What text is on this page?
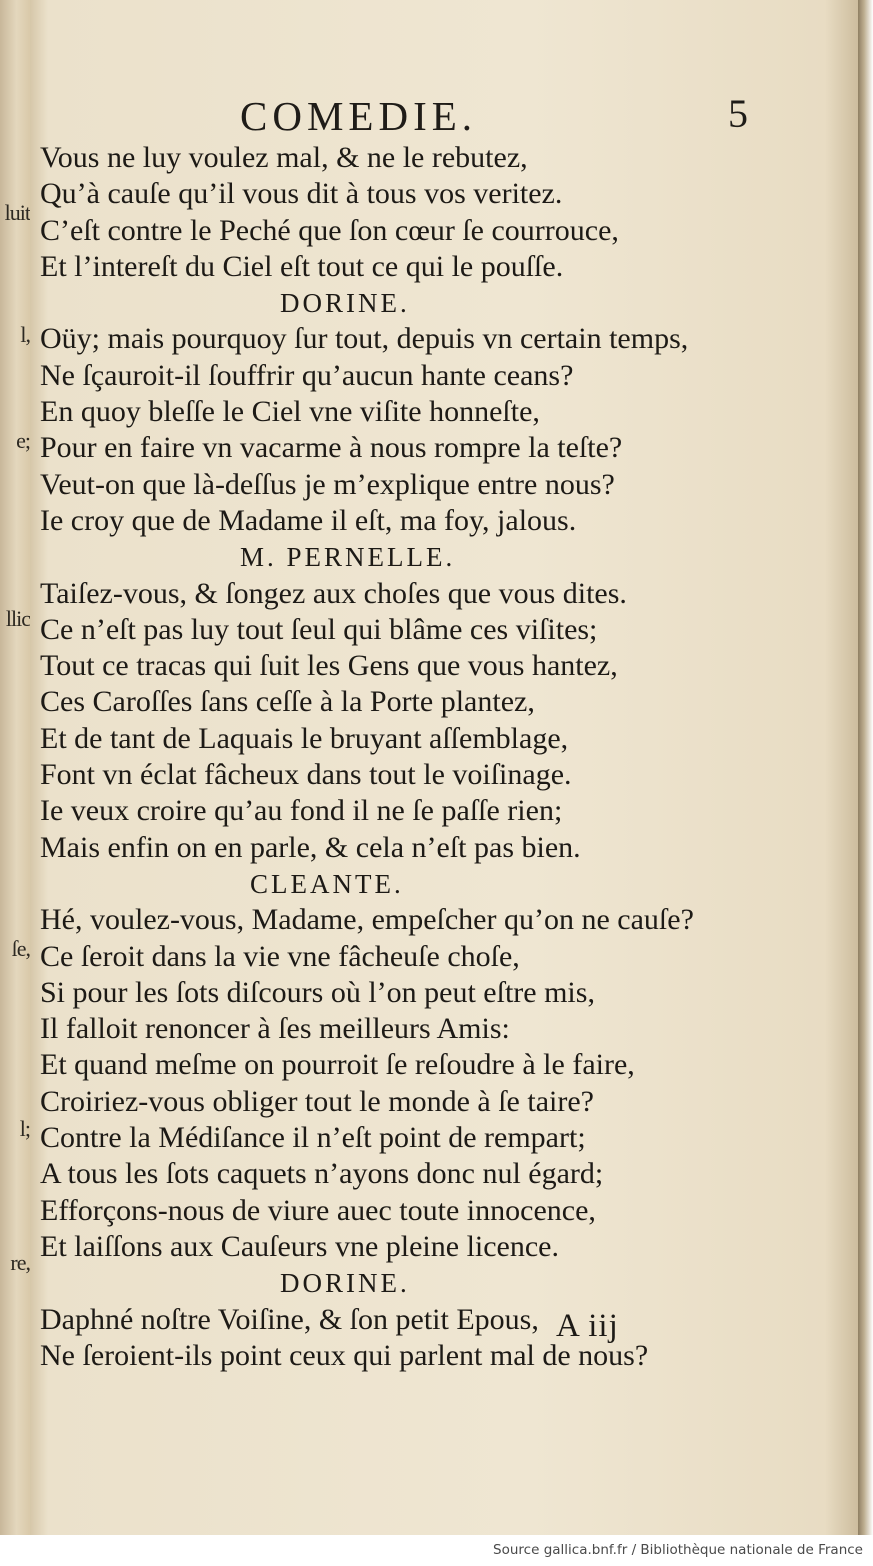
luit
l,
e;
llic
ſe,
l;
re,
COMEDIE.	5
Vous ne luy voulez mal, & ne le rebutez,
Qu’à cauſe qu’il vous dit à tous vos veritez.
C’eſt contre le Peché que ſon cœur ſe courrouce,
Et l’intereſt du Ciel eſt tout ce qui le pouſſe.
DORINE.
Oüy; mais pourquoy ſur tout, depuis vn certain temps,
Ne ſçauroit-il ſouffrir qu’aucun hante ceans?
En quoy bleſſe le Ciel vne viſite honneſte,
Pour en faire vn vacarme à nous rompre la teſte?
Veut-on que là-deſſus je m’explique entre nous?
Ie croy que de Madame il eſt, ma foy, jalous.
M. PERNELLE.
Taiſez-vous, & ſongez aux choſes que vous dites.
Ce n’eſt pas luy tout ſeul qui blâme ces viſites;
Tout ce tracas qui ſuit les Gens que vous hantez,
Ces Caroſſes ſans ceſſe à la Porte plantez,
Et de tant de Laquais le bruyant aſſemblage,
Font vn éclat fâcheux dans tout le voiſinage.
Ie veux croire qu’au fond il ne ſe paſſe rien;
Mais enfin on en parle, & cela n’eſt pas bien.
CLEANTE.
Hé, voulez-vous, Madame, empeſcher qu’on ne cauſe?
Ce ſeroit dans la vie vne fâcheuſe choſe,
Si pour les ſots diſcours où l’on peut eſtre mis,
Il falloit renoncer à ſes meilleurs Amis:
Et quand meſme on pourroit ſe reſoudre à le faire,
Croiriez-vous obliger tout le monde à ſe taire?
Contre la Médiſance il n’eſt point de rempart;
A tous les ſots caquets n’ayons donc nul égard;
Efforçons-nous de viure auec toute innocence,
Et laiſſons aux Cauſeurs vne pleine licence.
DORINE.
Daphné noſtre Voiſine, & ſon petit Epous,
Ne ſeroient-ils point ceux qui parlent mal de nous?
A iij
Source gallica.bnf.fr / Bibliothèque nationale de France
